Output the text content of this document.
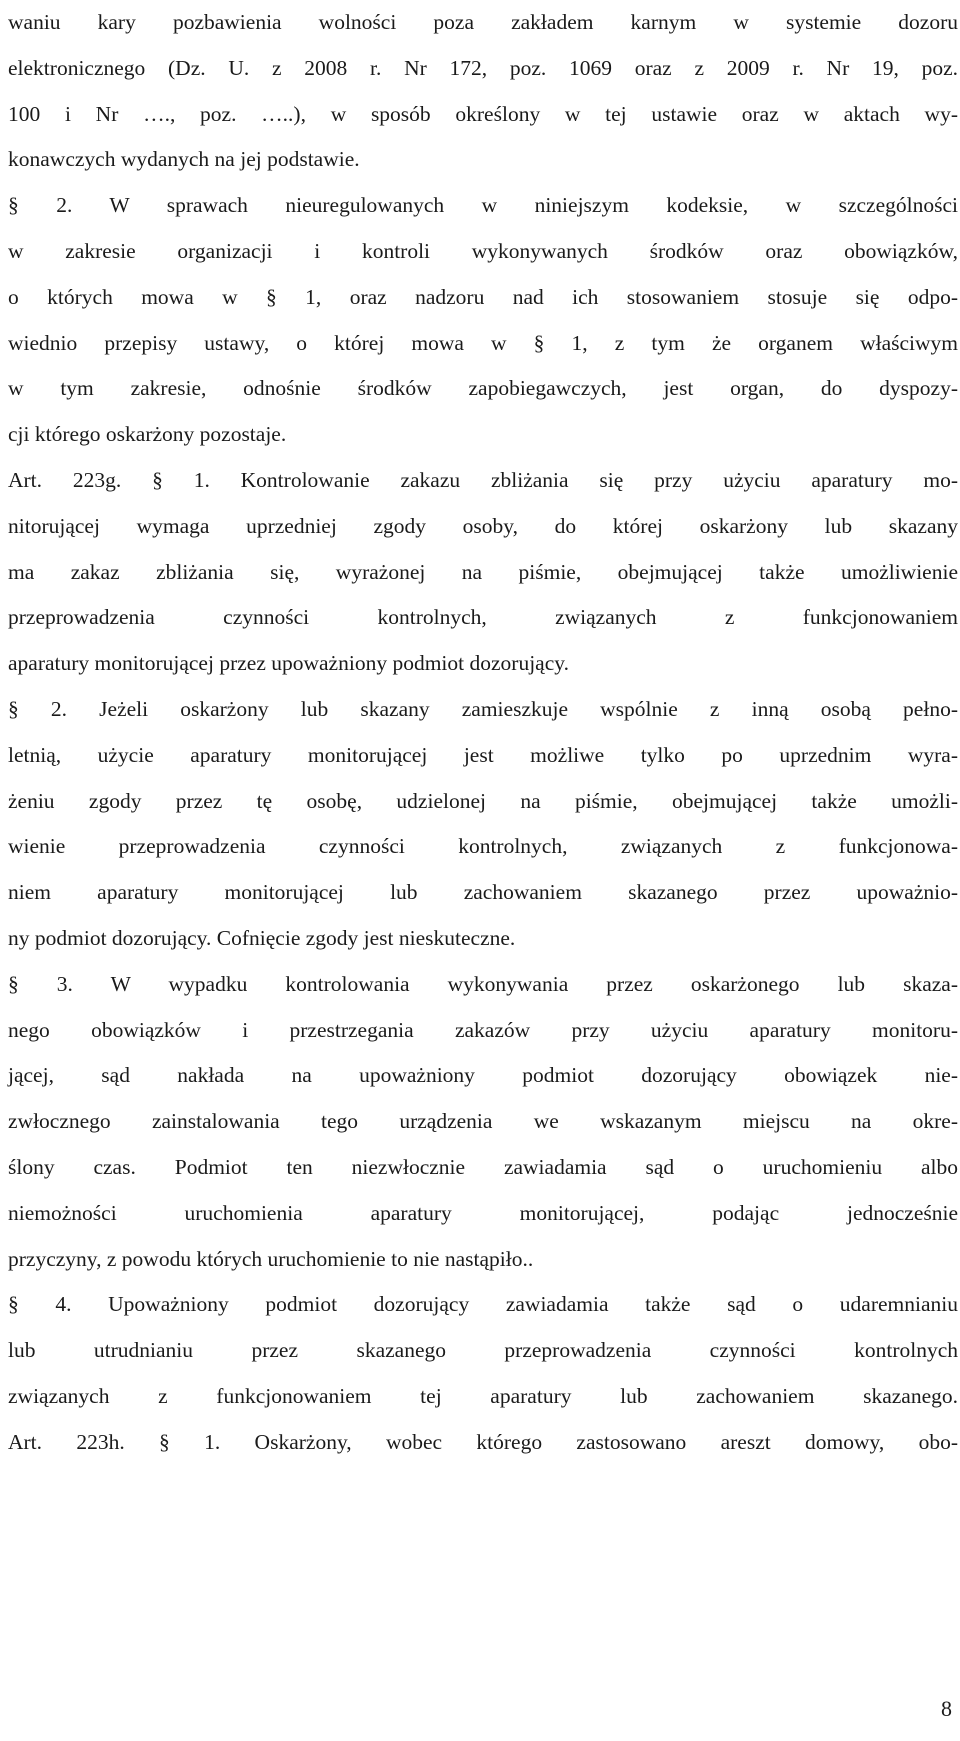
waniu kary pozbawienia wolności poza zakładem karnym w systemie dozoru
elektronicznego (Dz. U. z 2008 r. Nr 172, poz. 1069 oraz z 2009 r. Nr 19, poz.
100 i Nr …., poz. …..), w sposób określony w tej ustawie oraz w aktach wy-
konawczych wydanych na jej podstawie.
§ 2. W sprawach nieuregulowanych w niniejszym kodeksie, w szczególności
w zakresie organizacji i kontroli wykonywanych środków oraz obowiązków,
o których mowa w § 1, oraz nadzoru nad ich stosowaniem stosuje się odpo-
wiednio przepisy ustawy, o której mowa w § 1, z tym że organem właściwym
w tym zakresie, odnośnie środków zapobiegawczych, jest organ, do dyspozy-
cji którego oskarżony pozostaje.
Art. 223g. § 1. Kontrolowanie zakazu zbliżania się przy użyciu aparatury mo-
nitorującej wymaga uprzedniej zgody osoby, do której oskarżony lub skazany
ma zakaz zbliżania się, wyrażonej na piśmie, obejmującej także umożliwienie
przeprowadzenia czynności kontrolnych, związanych z funkcjonowaniem
aparatury monitorującej przez upoważniony podmiot dozorujący.
§ 2. Jeżeli oskarżony lub skazany zamieszkuje wspólnie z inną osobą pełno-
letnią, użycie aparatury monitorującej jest możliwe tylko po uprzednim wyra-
żeniu zgody przez tę osobę, udzielonej na piśmie, obejmującej także umożli-
wienie przeprowadzenia czynności kontrolnych, związanych z funkcjonowa-
niem aparatury monitorującej lub zachowaniem skazanego przez upoważnio-
ny podmiot dozorujący. Cofnięcie zgody jest nieskuteczne.
§ 3. W wypadku kontrolowania wykonywania przez oskarżonego lub skaza-
nego obowiązków i przestrzegania zakazów przy użyciu aparatury monitoru-
jącej, sąd nakłada na upoważniony podmiot dozorujący obowiązek nie-
zwłocznego zainstalowania tego urządzenia we wskazanym miejscu na okre-
ślony czas. Podmiot ten niezwłocznie zawiadamia sąd o uruchomieniu albo
niemożności uruchomienia aparatury monitorującej, podając jednocześnie
przyczyny, z powodu których uruchomienie to nie nastąpiło..
§ 4. Upoważniony podmiot dozorujący zawiadamia także sąd o udaremnianiu
lub utrudnianiu przez skazanego przeprowadzenia czynności kontrolnych
związanych z funkcjonowaniem tej aparatury lub zachowaniem skazanego.
Art. 223h. § 1. Oskarżony, wobec którego zastosowano areszt domowy, obo-
8
